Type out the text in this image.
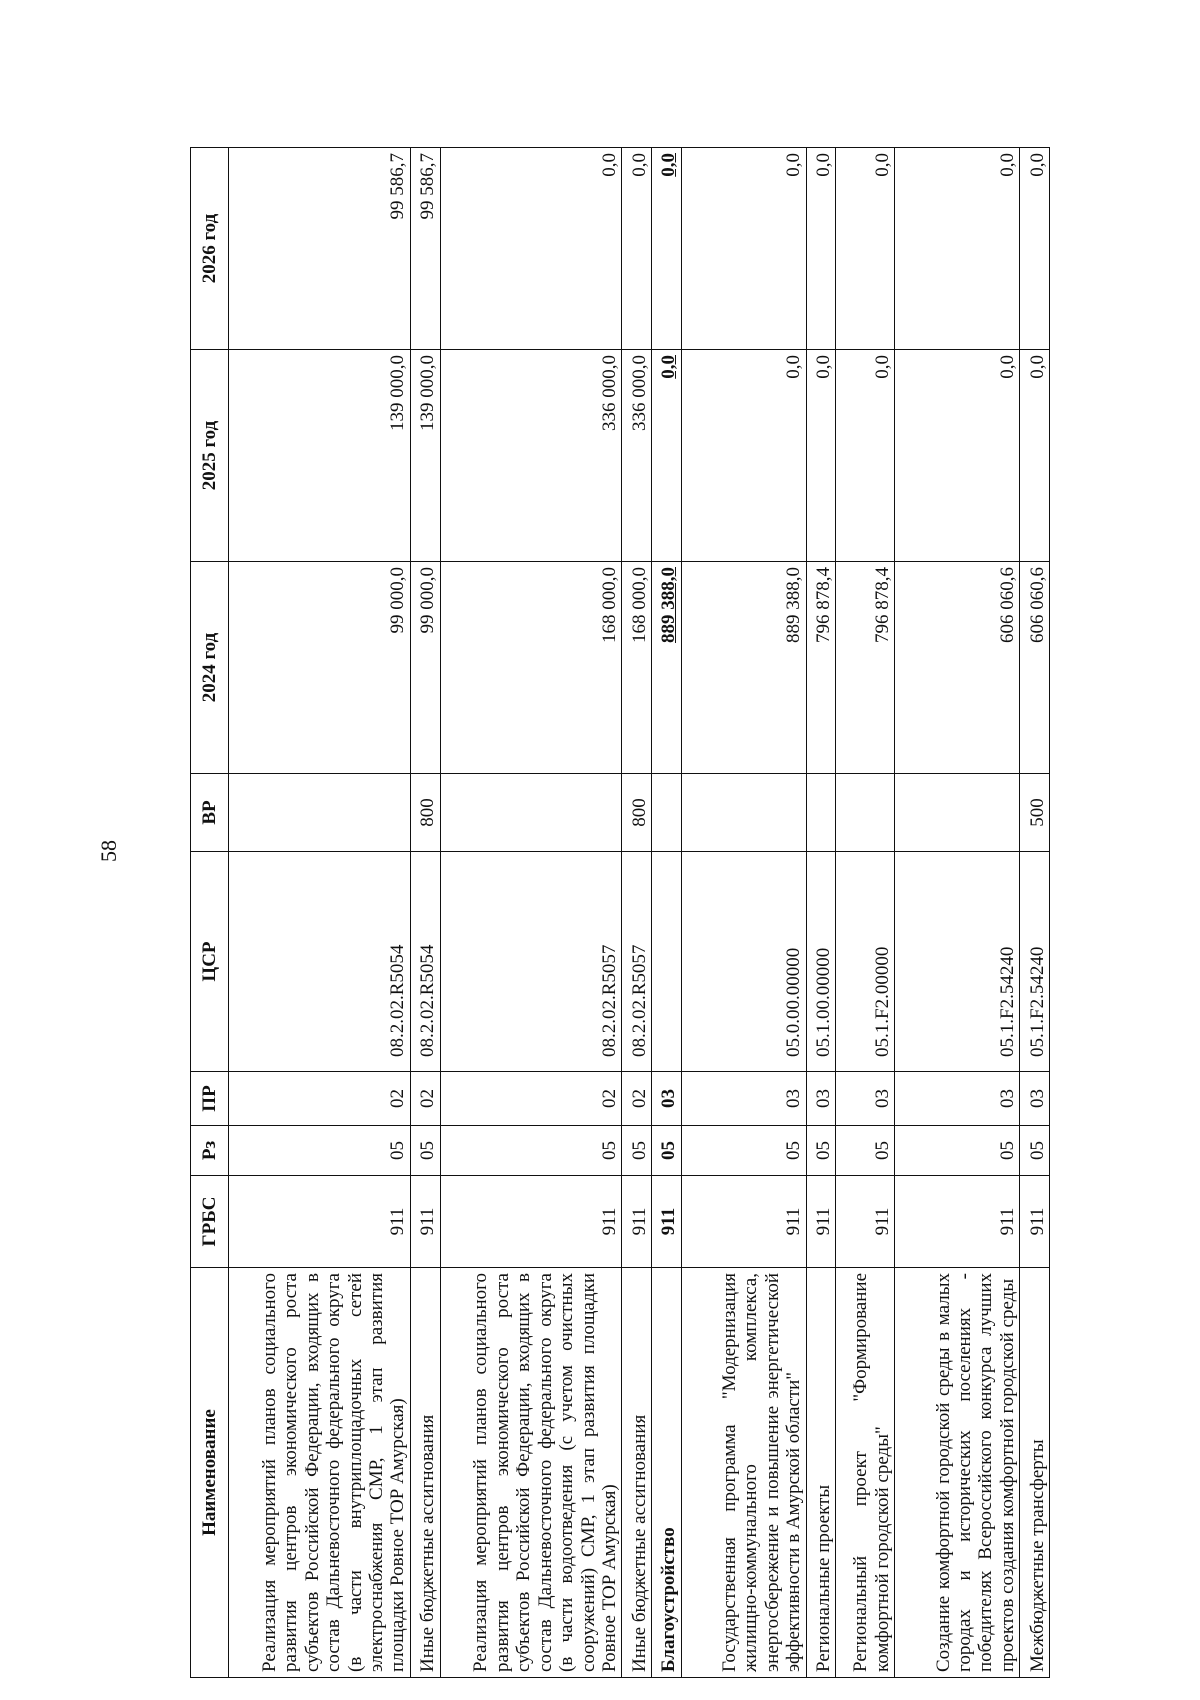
58
Наименование	ГРБС	Рз	ПР	ЦСР	ВР	2024 год	2025 год	2026 год
Реализация мероприятий планов социального развития центров экономического роста субъектов Российской Федерации, входящих в состав Дальневосточного федерального округа (в части внутриплощадочных сетей электроснабжения СМР, 1 этап развития площадки Ровное ТОР Амурская)	911	05	02	08.2.02.R5054		99 000,0	139 000,0	99 586,7
Иные бюджетные ассигнования	911	05	02	08.2.02.R5054	800	99 000,0	139 000,0	99 586,7
Реализация мероприятий планов социального развития центров экономического роста субъектов Российской Федерации, входящих в состав Дальневосточного федерального округа (в части водоотведения (с учетом очистных сооружений) СМР, 1 этап развития площадки Ровное ТОР Амурская)	911	05	02	08.2.02.R5057		168 000,0	336 000,0	0,0
Иные бюджетные ассигнования	911	05	02	08.2.02.R5057	800	168 000,0	336 000,0	0,0
Благоустройство	911	05	03			889 388,0	0,0	0,0
Государственная программа "Модернизация жилищно-коммунального комплекса, энергосбережение и повышение энергетической эффективности в Амурской области"	911	05	03	05.0.00.00000		889 388,0	0,0	0,0
Региональные проекты	911	05	03	05.1.00.00000		796 878,4	0,0	0,0
Региональный проект "Формирование комфортной городской среды"	911	05	03	05.1.F2.00000		796 878,4	0,0	0,0
Создание комфортной городской среды в малых городах и исторических поселениях - победителях Всероссийского конкурса лучших проектов создания комфортной городской среды	911	05	03	05.1.F2.54240		606 060,6	0,0	0,0
Межбюджетные трансферты	911	05	03	05.1.F2.54240	500	606 060,6	0,0	0,0
